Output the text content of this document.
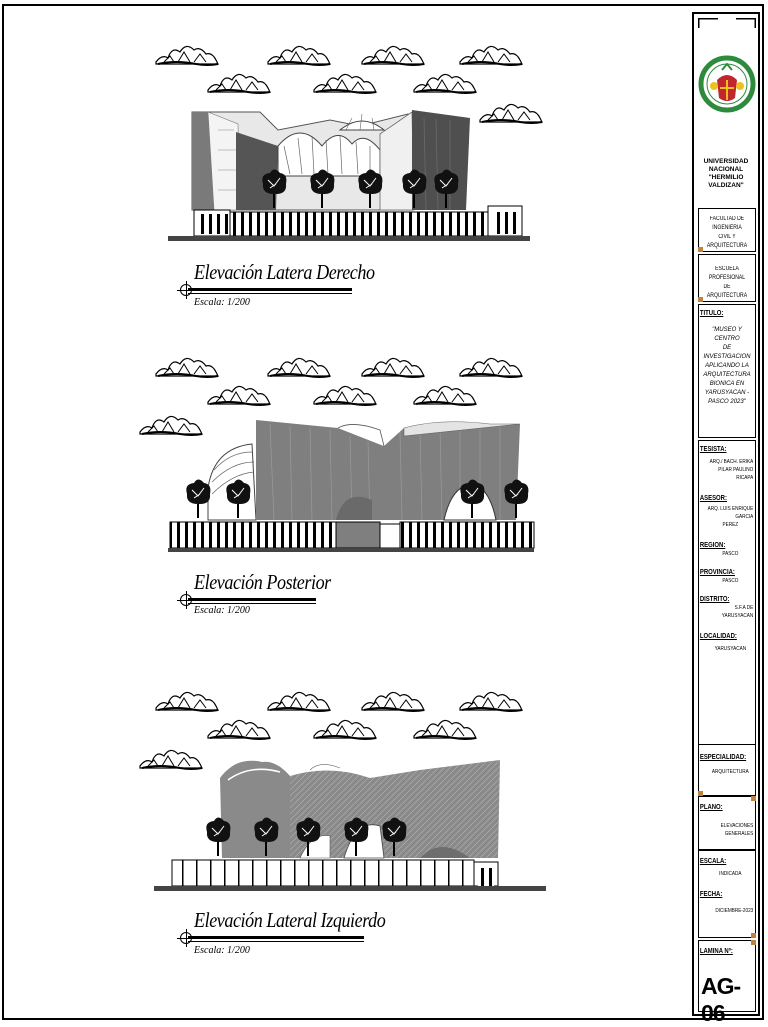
Elevación Latera Derecho
Escala: 1/200
Elevación Posterior
Escala: 1/200
Elevación Lateral Izquierdo
Escala: 1/200
UNIVERSIDAD
NACIONAL
"HERMILIO VALDIZAN"
FACULTAD DE INGENIERIA
CIVIL Y ARQUITECTURA
ESCUELA PROFESIONAL
DE ARQUITECTURA
TITULO:
"MUSEO Y CENTRO
DE INVESTIGACION
APLICANDO LA
ARQUITECTURA
BIONICA EN
YARUSYACAN -
PASCO 2023"
TESISTA:
ARQ./ BACH. ERIKA
PILAR PAULINO RICAPA
ASESOR:
ARQ. LUIS ENRIQUE GARCIA
PEREZ
REGION:
PASCO
PROVINCIA:
PASCO
DISTRITO:
S.F.A DE YARUSYACAN
LOCALIDAD:
YARUSYACAN
ESPECIALIDAD:
ARQUITECTURA
PLANO:
ELEVACIONES GENERALES
ESCALA:
INDICADA
FECHA:
DICIEMBRE-2023
LAMINA Nº:
AG-06
